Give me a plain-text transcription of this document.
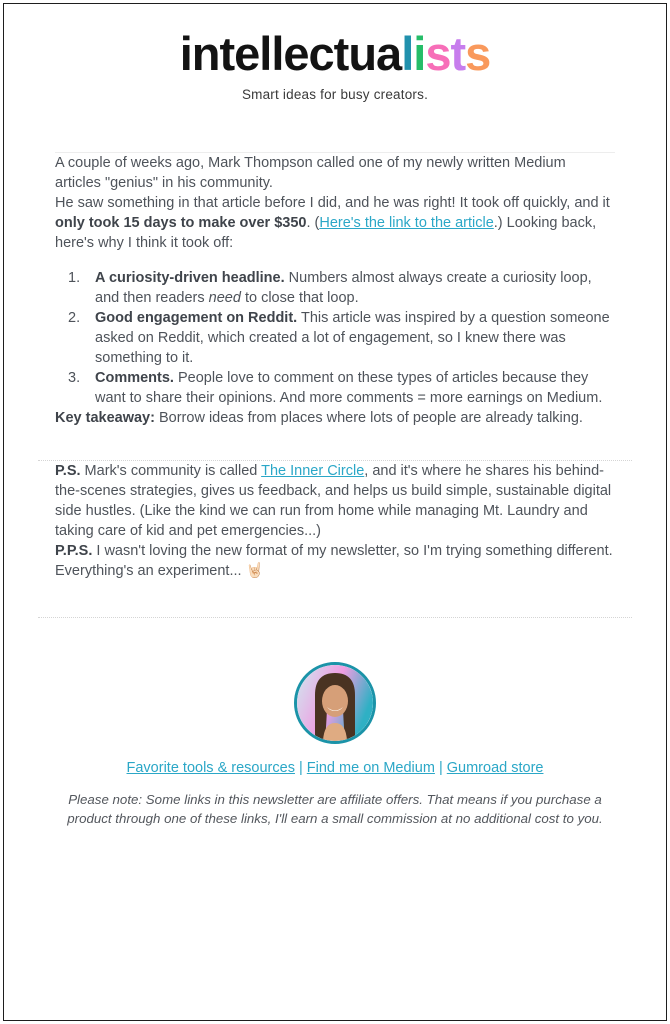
intellectualists
Smart ideas for busy creators.

A couple of weeks ago, Mark Thompson called one of my newly written Medium articles "genius" in his community.

He saw something in that article before I did, and he was right! It took off quickly, and it only took 15 days to make over $350. (Here's the link to the article.) Looking back, here's why I think it took off:

1.	A curiosity-driven headline. Numbers almost always create a curiosity loop, and then readers need to close that loop.
2.	Good engagement on Reddit. This article was inspired by a question someone asked on Reddit, which created a lot of engagement, so I knew there was something to it.
3.	Comments. People love to comment on these types of articles because they want to share their opinions. And more comments = more earnings on Medium.

Key takeaway: Borrow ideas from places where lots of people are already talking.

P.S. Mark's community is called The Inner Circle, and it's where he shares his behind-the-scenes strategies, gives us feedback, and helps us build simple, sustainable digital side hustles. (Like the kind we can run from home while managing Mt. Laundry and taking care of kid and pet emergencies...)

P.P.S. I wasn't loving the new format of my newsletter, so I'm trying something different. Everything's an experiment... 🤘🏻

Favorite tools & resources | Find me on Medium | Gumroad store
Please note: Some links in this newsletter are affiliate offers. That means if you purchase a product through one of these links, I'll earn a small commission at no additional cost to you.
